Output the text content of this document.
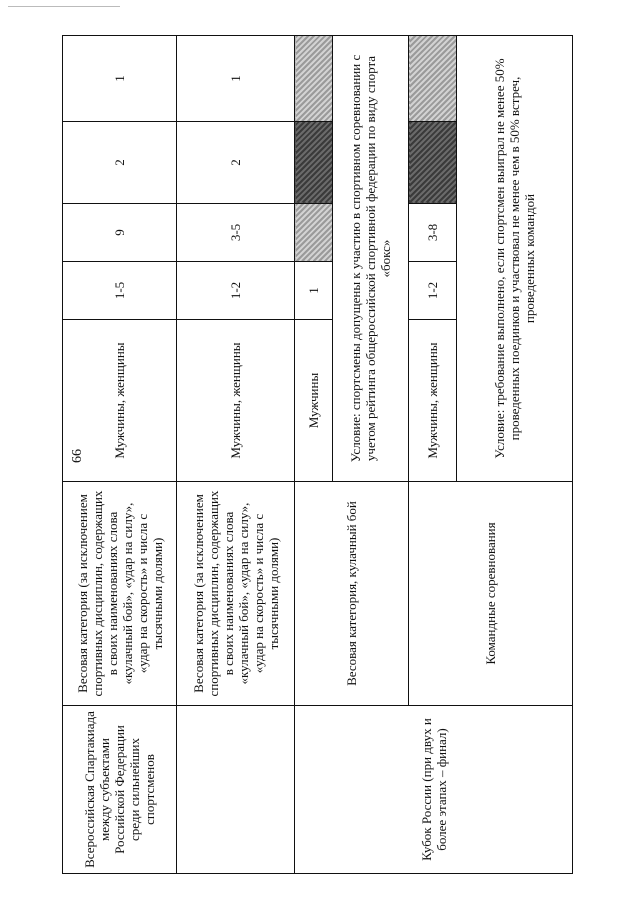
66
Всероссийская Спартакиада между субъектами Российской Федерации среди сильнейших спортсменов	Весовая категория (за исключением спортивных дисциплин, содержащих в своих наименованиях слова «кулачный бой», «удар на силу», «удар на скорость» и числа с тысячными долями)	Мужчины, женщины	1-5	9	2	1
	Весовая категория (за исключением спортивных дисциплин, содержащих в своих наименованиях слова «кулачный бой», «удар на силу», «удар на скорость» и числа с тысячными долями)	Мужчины, женщины	1-2	3-5	2	1
Кубок России (при двух и более этапах – финал)	Весовая категория, кулачный бой	Мужчины	1			
		Условие: спортсмены допущены к участию в спортивном соревновании с учетом рейтинга общероссийской спортивной федерации по виду спорта «бокс»				
	Командные соревнования	Мужчины, женщины	1-2	3-8		
		Условие: требование выполнено, если спортсмен выиграл не менее 50% проведенных поединков и участвовал не менее чем в 50% встреч, проведенных командой				
